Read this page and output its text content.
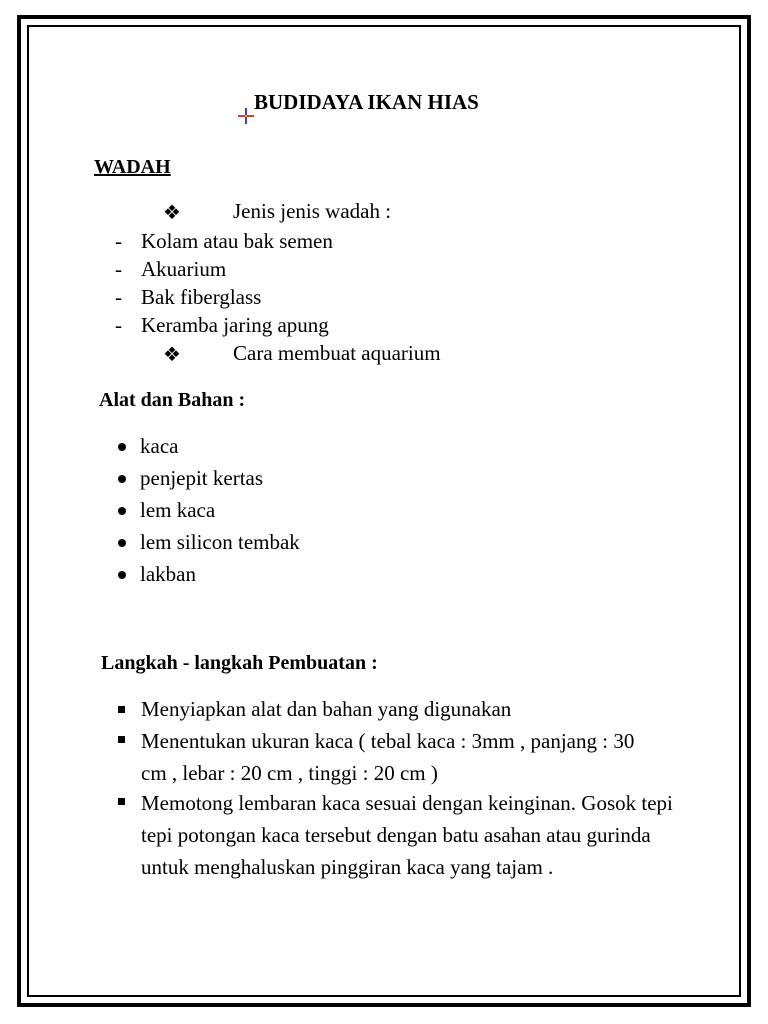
BUDIDAYA IKAN HIAS
WADAH
❖ Jenis jenis wadah :
- Kolam atau bak semen
- Akuarium
- Bak fiberglass
- Keramba jaring apung
❖ Cara membuat aquarium
Alat dan Bahan :
kaca
penjepit kertas
lem kaca
lem silicon tembak
lakban
Langkah - langkah Pembuatan :
Menyiapkan alat dan bahan yang digunakan
Menentukan ukuran kaca ( tebal kaca : 3mm , panjang : 30 cm , lebar : 20 cm , tinggi : 20 cm )
Memotong lembaran kaca sesuai dengan keinginan. Gosok tepi tepi potongan kaca tersebut dengan batu asahan atau gurinda untuk menghaluskan pinggiran kaca yang tajam .
